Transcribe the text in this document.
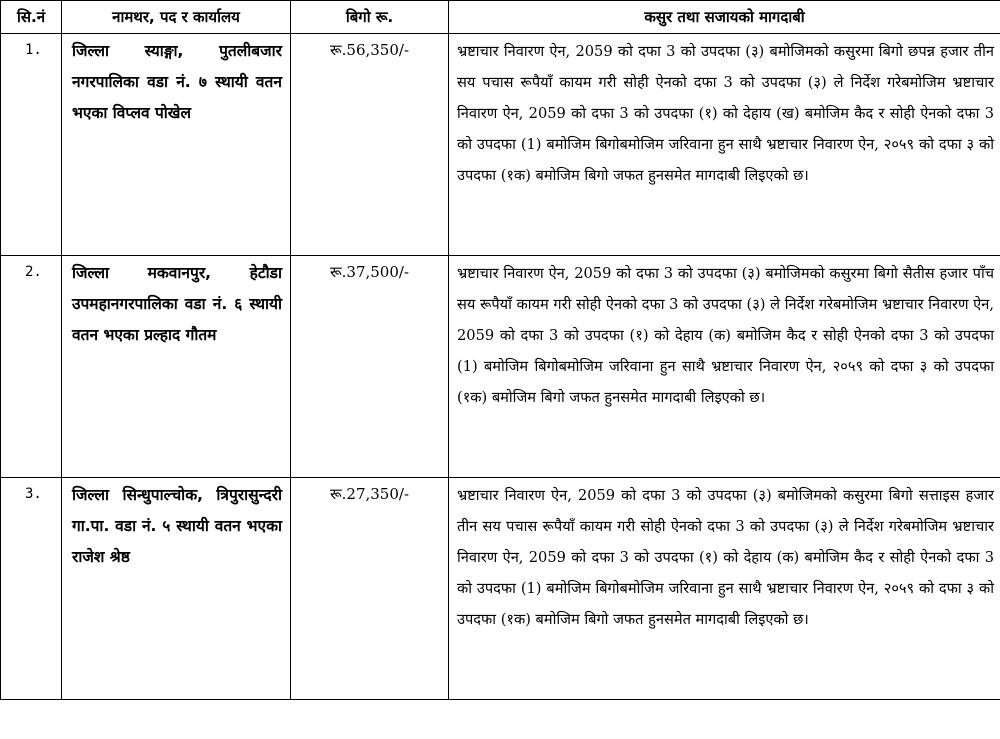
सि.नं	नामथर, पद र कार्यालय	बिगो रू.	कसुर तथा सजायको मागदाबी
1.	जिल्ला स्याङ्गा, पुतलीबजार नगरपालिका वडा नं. ७ स्थायी वतन भएका विप्लव पोखेल	रू.56,350/-	भ्रष्टाचार निवारण ऐन, 2059 को दफा 3 को उपदफा (३) बमोजिमको कसुरमा बिगो छपन्न हजार तीन सय पचास रूपैयाँ कायम गरी सोही ऐनको दफा 3 को उपदफा (३) ले निर्देश गरेबमोजिम भ्रष्टाचार निवारण ऐन, 2059 को दफा 3 को उपदफा (१) को देहाय (ख) बमोजिम कैद र सोही ऐनको दफा 3 को उपदफा (1) बमोजिम बिगोबमोजिम जरिवाना हुन साथै भ्रष्टाचार निवारण ऐन, २०५९ को दफा ३ को उपदफा (१क) बमोजिम बिगो जफत हुनसमेत मागदाबी लिइएको छ।
2.	जिल्ला मकवानपुर, हेटौडा उपमहानगरपालिका वडा नं. ६ स्थायी वतन भएका प्रल्हाद गौतम	रू.37,500/-	भ्रष्टाचार निवारण ऐन, 2059 को दफा 3 को उपदफा (३) बमोजिमको कसुरमा बिगो सैतीस हजार पाँच सय रूपैयाँ कायम गरी सोही ऐनको दफा 3 को उपदफा (३) ले निर्देश गरेबमोजिम भ्रष्टाचार निवारण ऐन, 2059 को दफा 3 को उपदफा (१) को देहाय (क) बमोजिम कैद र सोही ऐनको दफा 3 को उपदफा (1) बमोजिम बिगोबमोजिम जरिवाना हुन साथै भ्रष्टाचार निवारण ऐन, २०५९ को दफा ३ को उपदफा (१क) बमोजिम बिगो जफत हुनसमेत मागदाबी लिइएको छ।
3.	जिल्ला सिन्धुपाल्चोक, त्रिपुरासुन्दरी गा.पा. वडा नं. ५ स्थायी वतन भएका राजेश श्रेष्ठ	रू.27,350/-	भ्रष्टाचार निवारण ऐन, 2059 को दफा 3 को उपदफा (३) बमोजिमको कसुरमा बिगो सत्ताइस हजार तीन सय पचास रूपैयाँ कायम गरी सोही ऐनको दफा 3 को उपदफा (३) ले निर्देश गरेबमोजिम भ्रष्टाचार निवारण ऐन, 2059 को दफा 3 को उपदफा (१) को देहाय (क) बमोजिम कैद र सोही ऐनको दफा 3 को उपदफा (1) बमोजिम बिगोबमोजिम जरिवाना हुन साथै भ्रष्टाचार निवारण ऐन, २०५९ को दफा ३ को उपदफा (१क) बमोजिम बिगो जफत हुनसमेत मागदाबी लिइएको छ।
